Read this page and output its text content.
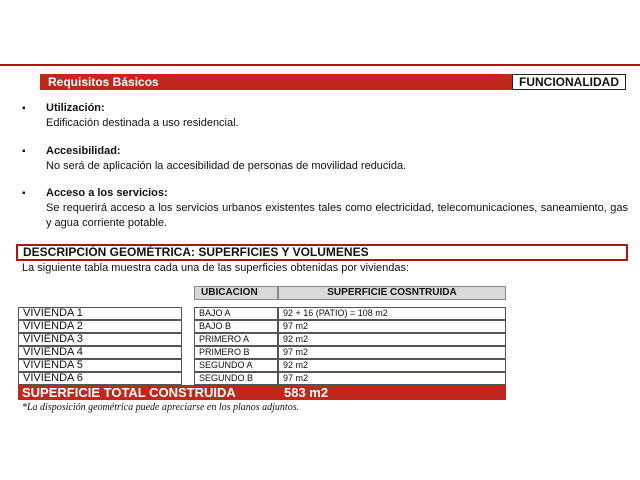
Requisitos Básicos	FUNCIONALIDAD
▪ Utilización:
Edificación destinada a uso residencial.
▪ Accesibilidad:
No será de aplicación la accesibilidad de personas de movilidad reducida.
▪ Acceso a los servicios:
Se requerirá acceso a los servicios urbanos existentes tales como electricidad, telecomunicaciones, saneamiento, gas y agua corriente potable.
DESCRIPCIÓN GEOMÉTRICA: SUPERFICIES Y VOLUMENES
La siguiente tabla muestra cada una de las superficies obtenidas por viviendas:
UBICACION	SUPERFICIE COSNTRUIDA
VIVIENDA 1	BAJO A	92 + 16 (PATIO) = 108 m2
VIVIENDA 2	BAJO B	97 m2
VIVIENDA 3	PRIMERO A	92 m2
VIVIENDA 4	PRIMERO B	97 m2
VIVIENDA 5	SEGUNDO A	92 m2
VIVIENDA 6	SEGUNDO B	97 m2
SUPERFICIE TOTAL CONSTRUIDA	583 m2
*La disposición geométrica puede apreciarse en los planos adjuntos.
